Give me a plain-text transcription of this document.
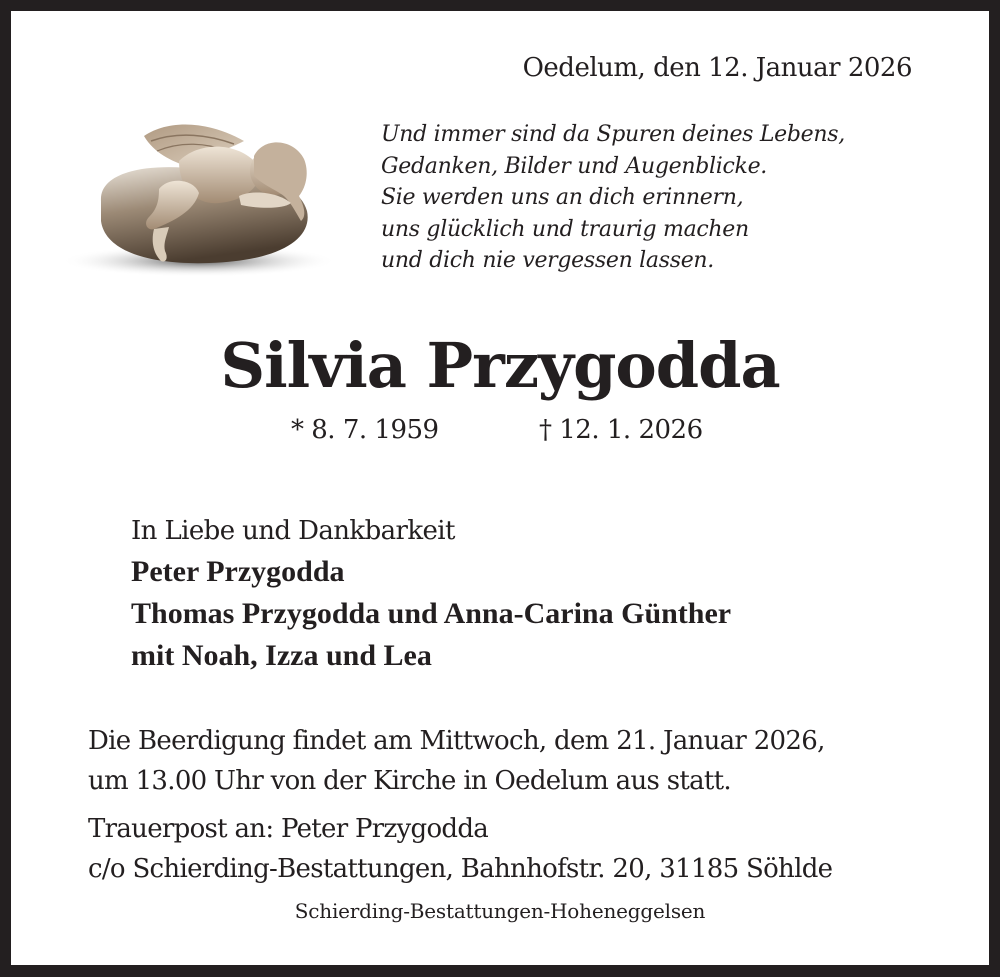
Oedelum, den 12. Januar 2026
Und immer sind da Spuren deines Lebens,
Gedanken, Bilder und Augenblicke.
Sie werden uns an dich erinnern,
uns glücklich und traurig machen
und dich nie vergessen lassen.
Silvia Przygodda
* 8. 7. 1959	† 12. 1. 2026
In Liebe und Dankbarkeit
Peter Przygodda
Thomas Przygodda und Anna-Carina Günther
mit Noah, Izza und Lea
Die Beerdigung findet am Mittwoch, dem 21. Januar 2026,
um 13.00 Uhr von der Kirche in Oedelum aus statt.
Trauerpost an: Peter Przygodda
c/o Schierding-Bestattungen, Bahnhofstr. 20, 31185 Söhlde
Schierding-Bestattungen-Hoheneggelsen
